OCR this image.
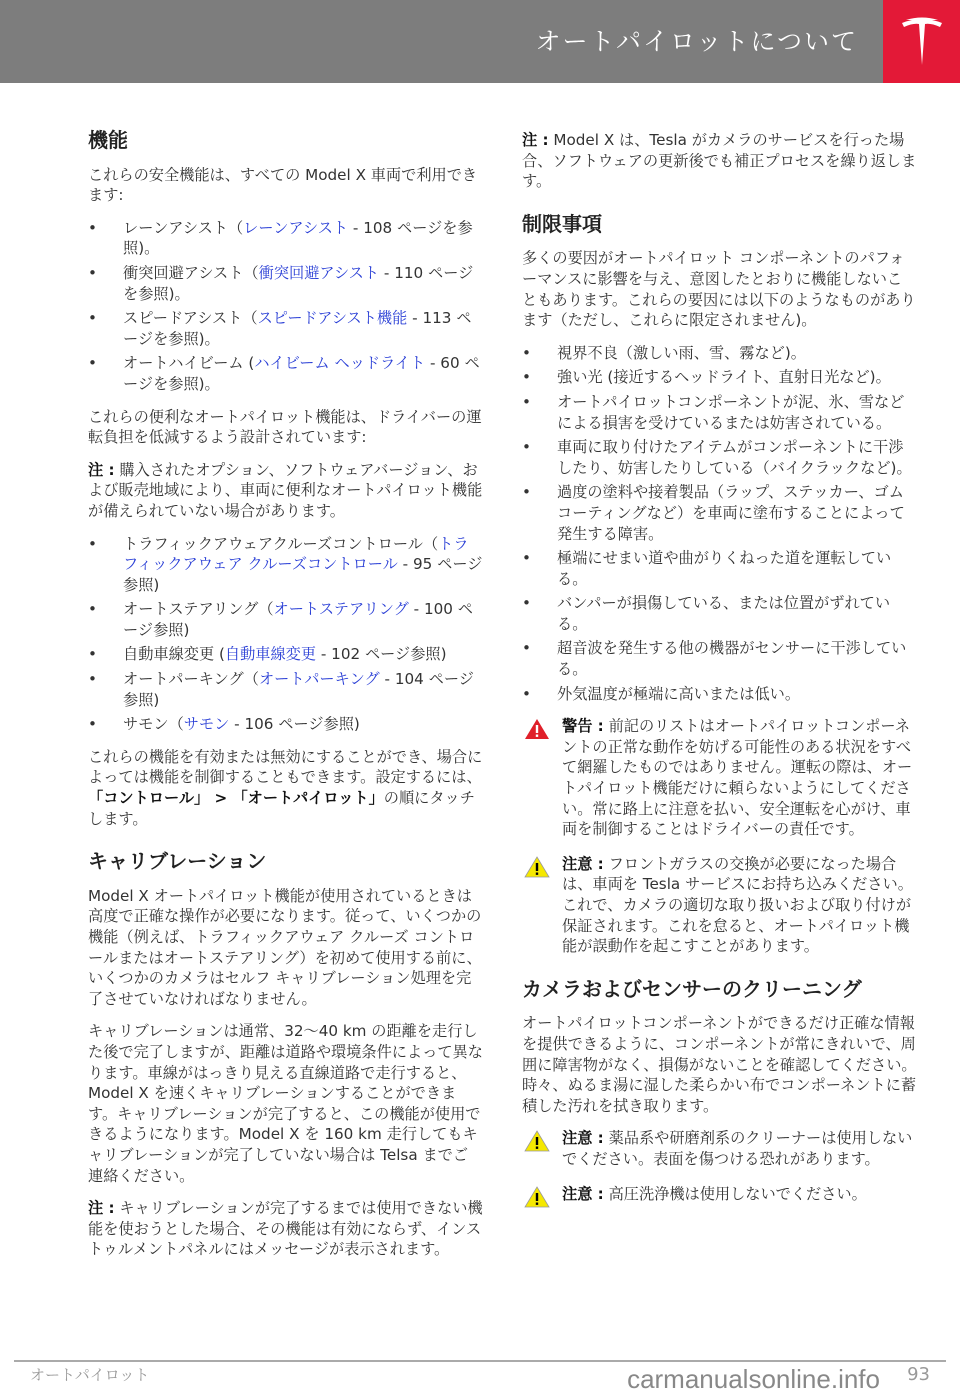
オートパイロットについて
機能

これらの安全機能は、すべての Model X 車両で利用できます:

• レーンアシスト（レーンアシスト - 108 ページを参照)。
• 衝突回避アシスト（衝突回避アシスト - 110 ページを参照)。
• スピードアシスト（スピードアシスト機能 - 113 ページを参照)。
• オートハイビーム (ハイビーム ヘッドライト - 60 ページを参照)。

これらの便利なオートパイロット機能は、ドライバーの運転負担を低減するよう設計されています:

注 : 購入されたオプション、ソフトウェアバージョン、および販売地域により、車両に便利なオートパイロット機能が備えられていない場合があります。

• トラフィックアウェアクルーズコントロール（トラフィックアウェア クルーズコントロール - 95 ページ参照)
• オートステアリング（オートステアリング - 100 ページ参照)
• 自動車線変更 (自動車線変更 - 102 ページ参照)
• オートパーキング（オートパーキング - 104 ページ参照)
• サモン（サモン - 106 ページ参照)

これらの機能を有効または無効にすることができ、場合によっては機能を制御することもできます。設定するには、「コントロール」 > 「オートパイロット」の順にタッチします。

キャリブレーション

Model X オートパイロット機能が使用されているときは高度で正確な操作が必要になります。従って、いくつかの機能（例えば、トラフィックアウェア クルーズ コントロールまたはオートステアリング）を初めて使用する前に、いくつかのカメラはセルフ キャリブレーション処理を完了させていなければなりません。

キャリブレーションは通常、32～40 km の距離を走行した後で完了しますが、距離は道路や環境条件によって異なります。車線がはっきり見える直線道路で走行すると、Model X を速くキャリブレーションすることができます。キャリブレーションが完了すると、この機能が使用できるようになります。Model X を 160 km 走行してもキャリブレーションが完了していない場合は Telsa までご連絡ください。

注 : キャリブレーションが完了するまでは使用できない機能を使おうとした場合、その機能は有効にならず、インストゥルメントパネルにはメッセージが表示されます。

注 : Model X は、Tesla がカメラのサービスを行った場合、ソフトウェアの更新後でも補正プロセスを繰り返します。

制限事項

多くの要因がオートパイロット コンポーネントのパフォーマンスに影響を与え、意図したとおりに機能しないこともあります。これらの要因には以下のようなものがあります（ただし、これらに限定されません)。

• 視界不良（激しい雨、雪、霧など)。
• 強い光 (接近するヘッドライト、直射日光など)。
• オートパイロットコンポーネントが泥、氷、雪などによる損害を受けているまたは妨害されている。
• 車両に取り付けたアイテムがコンポーネントに干渉したり、妨害したりしている（バイクラックなど)。
• 過度の塗料や接着製品（ラップ、ステッカー、ゴムコーティングなど）を車両に塗布することによって発生する障害。
• 極端にせまい道や曲がりくねった道を運転している。
• バンパーが損傷している、または位置がずれている。
• 超音波を発生する他の機器がセンサーに干渉している。
• 外気温度が極端に高いまたは低い。
警告 : 前記のリストはオートパイロットコンポーネントの正常な動作を妨げる可能性のある状況をすべて網羅したものではありません。運転の際は、オートパイロット機能だけに頼らないようにしてください。常に路上に注意を払い、安全運転を心がけ、車両を制御することはドライバーの責任です。
注意 : フロントガラスの交換が必要になった場合は、車両を Tesla サービスにお持ち込みください。これで、カメラの適切な取り扱いおよび取り付けが保証されます。これを怠ると、オートパイロット機能が誤動作を起こすことがあります。
カメラおよびセンサーのクリーニング

オートパイロットコンポーネントができるだけ正確な情報を提供できるように、コンポーネントが常にきれいで、周囲に障害物がなく、損傷がないことを確認してください。時々、ぬるま湯に湿した柔らかい布でコンポーネントに蓄積した汚れを拭き取ります。

注意 : 薬品系や研磨剤系のクリーナーは使用しないでください。表面を傷つける恐れがあります。
注意 : 高圧洗浄機は使用しないでください。
オートパイロット	93
carmanualsonline.info
